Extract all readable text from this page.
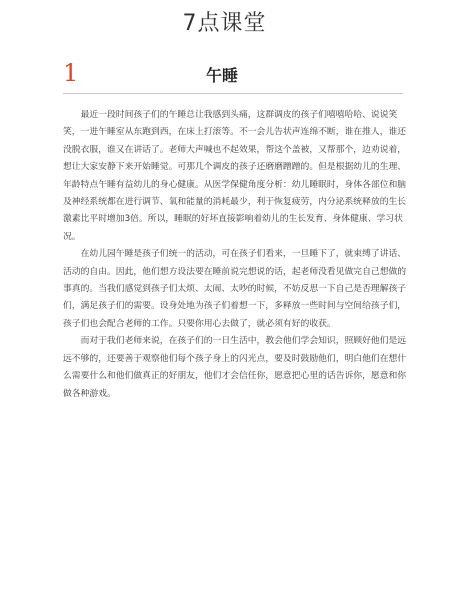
7点课堂
1	午睡

最近一段时间孩子们的午睡总让我感到头痛，这群调皮的孩子们嘻嘻哈哈、说说笑笑，一进午睡室从东跑到西，在床上打滚等。不一会儿告状声连绵不断，谁在推人，谁还没脱衣服，谁又在讲话了。老师大声喊也不起效果，帮这个盖被，又帮那个，边劝说着，想让大家安静下来开始睡觉。可那几个调皮的孩子还磨磨蹭蹭的。但是根据幼儿的生理、年龄特点午睡有益幼儿的身心健康。从医学保健角度分析：幼儿睡眠时，身体各部位和脑及神经系统都在进行调节、氧和能量的消耗最少，利于恢复疲劳，内分泌系统释放的生长激素比平时增加3倍。所以，睡眠的好坏直接影响着幼儿的生长发育、身体健康、学习状况。

在幼儿园午睡是孩子们统一的活动，可在孩子们看来，一旦睡下了，就束缚了讲话、活动的自由。因此，他们想方设法要在睡前说完想说的话，起老师没看见做完自己想做的事真的。当我们感觉到孩子们太烦、太闹、太吵的时候，不妨反思一下自己是否理解孩子们，满足孩子们的需要。设身处地为孩子们着想一下，多释放一些时间与空间给孩子们，孩子们也会配合老师的工作。只要你用心去做了，就必须有好的收获。

而对于我们老师来说，在孩子们的一日生活中，教会他们学会知识，照顾好他们是远远不够的，还要善于观察他们每个孩子身上的闪光点，要及时鼓励他们，明白他们在想什么需要什么和他们做真正的好朋友，他们才会信任你，愿意把心里的话告诉你，愿意和你做各种游戏。
